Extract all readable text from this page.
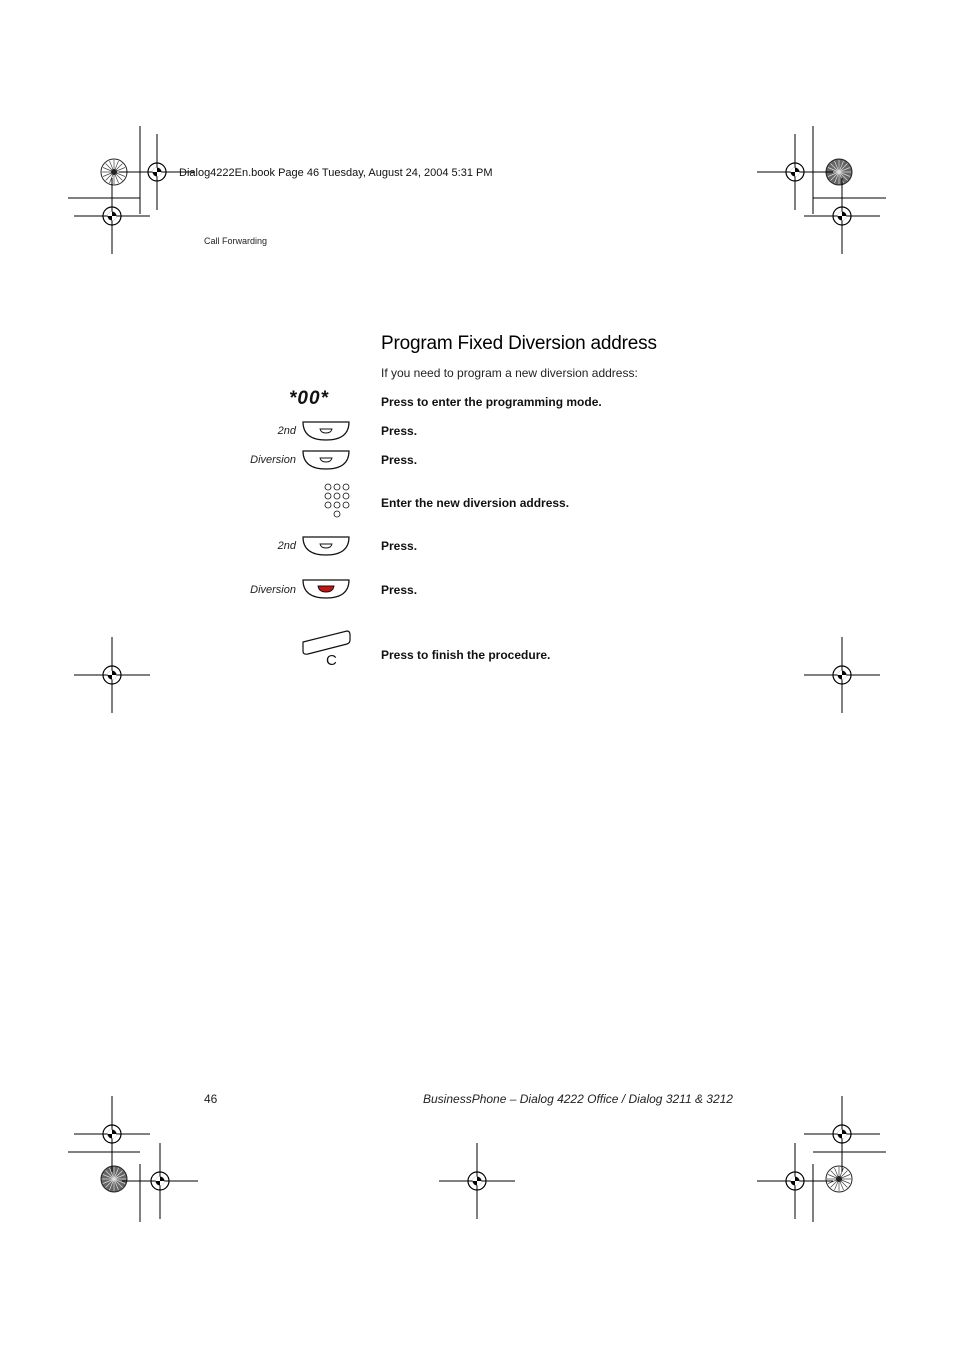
Dialog4222En.book Page 46 Tuesday, August 24, 2004 5:31 PM
Call Forwarding
Program Fixed Diversion address
If you need to program a new diversion address:
*00*	Press to enter the programming mode.
2nd	Press.
Diversion	Press.
Enter the new diversion address.
2nd	Press.
Diversion	Press.
C	Press to finish the procedure.
46	BusinessPhone – Dialog 4222 Office / Dialog 3211 & 3212
